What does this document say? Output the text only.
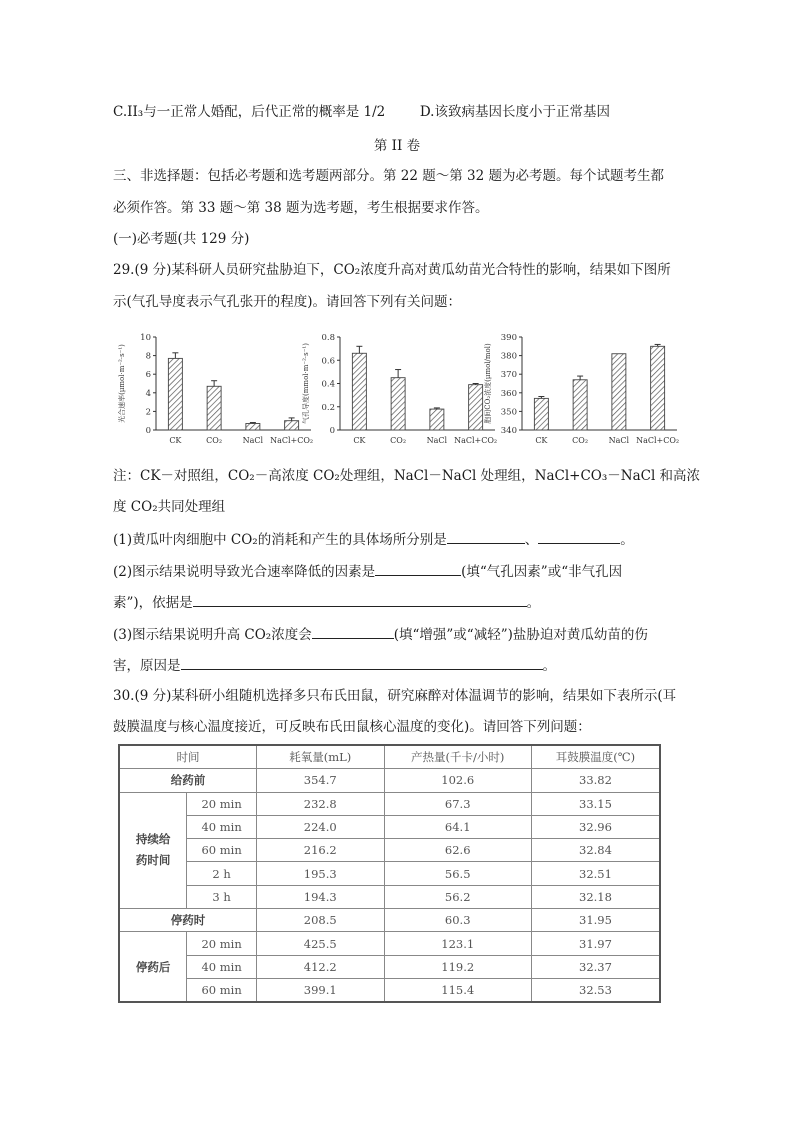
C.II₃与一正常人婚配，后代正常的概率是 1/2	D.该致病基因长度小于正常基因
第 II 卷
三、非选择题：包括必考题和选考题两部分。第 22 题～第 32 题为必考题。每个试题考生都
必须作答。第 33 题～第 38 题为选考题，考生根据要求作答。
(一)必考题(共 129 分)
29.(9 分)某科研人员研究盐胁迫下，CO₂浓度升高对黄瓜幼苗光合特性的影响，结果如下图所
示(气孔导度表示气孔张开的程度)。请回答下列有关问题：
光合速率(μmol·m⁻²·s⁻¹)
0
2
4
6
8
10
CK	CO₂	NaCl NaCl+CO₂
气孔导度(mmol·m⁻²·s⁻¹)
0
0.2
0.4
0.6
0.8
CK	CO₂	NaCl NaCl+CO₂
胞间CO₂浓度(μmol/mol)
340
350
360
370
380
390
CK	CO₂	NaCl NaCl+CO₂
注：CK－对照组，CO₂－高浓度 CO₂处理组，NaCl－NaCl 处理组，NaCl+CO₃－NaCl 和高浓
度 CO₂共同处理组
(1)黄瓜叶肉细胞中 CO₂的消耗和产生的具体场所分别是	、	。
(2)图示结果说明导致光合速率降低的因素是	(填“气孔因素”或“非气孔因
素”)，依据是	。
(3)图示结果说明升高 CO₂浓度会	(填“增强”或“减轻”)盐胁迫对黄瓜幼苗的伤
害，原因是	。
30.(9 分)某科研小组随机选择多只布氏田鼠，研究麻醉对体温调节的影响，结果如下表所示(耳
鼓膜温度与核心温度接近，可反映布氏田鼠核心温度的变化)。请回答下列问题：
时间		耗氧量(mL)	产热量(千卡/小时)	耳鼓膜温度(℃)
给药前		354.7	102.6	33.82
持续给
药时间	20 min	232.8	67.3	33.15
	40 min	224.0	64.1	32.96
	60 min	216.2	62.6	32.84
	2 h	195.3	56.5	32.51
	3 h	194.3	56.2	32.18
停药时		208.5	60.3	31.95
停药后	20 min	425.5	123.1	31.97
	40 min	412.2	119.2	32.37
	60 min	399.1	115.4	32.53
